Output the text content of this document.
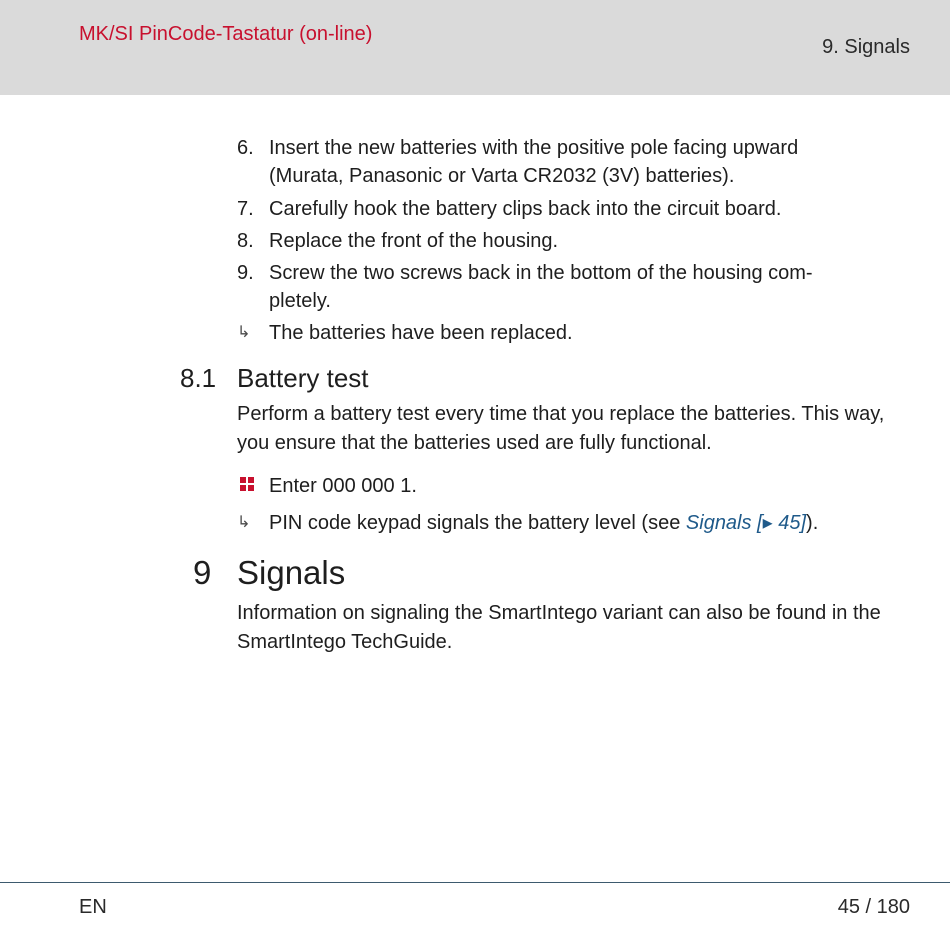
MK/SI PinCode-Tastatur (on-line)
9. Signals
6. Insert the new batteries with the positive pole facing upward (Murata, Panasonic or Varta CR2032 (3V) batteries).
7. Carefully hook the battery clips back into the circuit board.
8. Replace the front of the housing.
9. Screw the two screws back in the bottom of the housing com-pletely.
↳ The batteries have been replaced.
8.1 Battery test
Perform a battery test every time that you replace the batteries. This way, you ensure that the batteries used are fully functional.
Enter 000 000 1.
↳ PIN code keypad signals the battery level (see Signals [▸ 45]).
9 Signals
Information on signaling the SmartIntego variant can also be found in the SmartIntego TechGuide.
EN	45 / 180
